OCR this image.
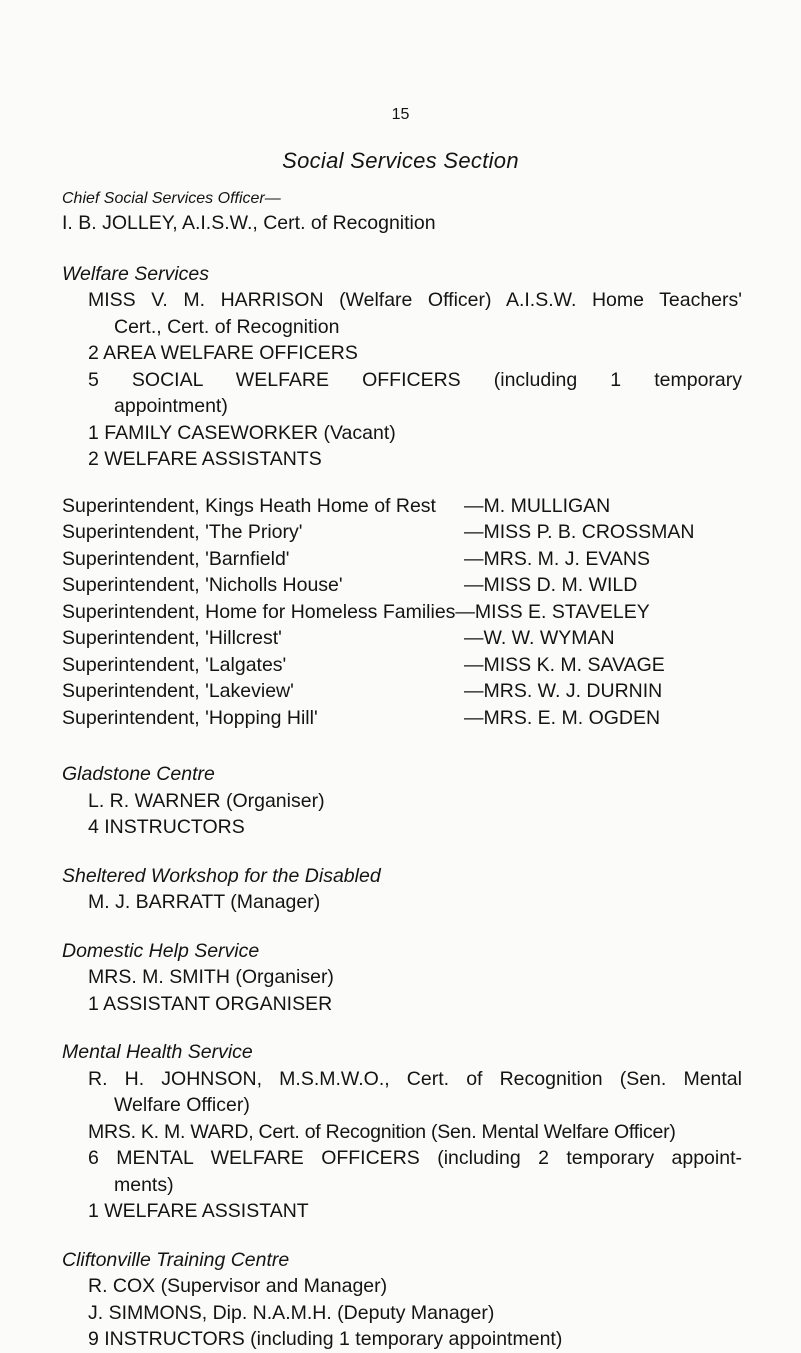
15
Social Services Section
Chief Social Services Officer—
I. B. JOLLEY, A.I.S.W., Cert. of Recognition
Welfare Services
MISS V. M. HARRISON (Welfare Officer) A.I.S.W. Home Teachers'
Cert., Cert. of Recognition
2 AREA WELFARE OFFICERS
5 SOCIAL WELFARE OFFICERS (including 1 temporary
appointment)
1 FAMILY CASEWORKER (Vacant)
2 WELFARE ASSISTANTS
Superintendent, Kings Heath Home of Rest	—M. MULLIGAN
Superintendent, 'The Priory'	—MISS P. B. CROSSMAN
Superintendent, 'Barnfield'	—MRS. M. J. EVANS
Superintendent, 'Nicholls House'	—MISS D. M. WILD
Superintendent, Home for Homeless Families —MISS E. STAVELEY
Superintendent, 'Hillcrest'	—W. W. WYMAN
Superintendent, 'Lalgates'	—MISS K. M. SAVAGE
Superintendent, 'Lakeview'	—MRS. W. J. DURNIN
Superintendent, 'Hopping Hill'	—MRS. E. M. OGDEN
Gladstone Centre
L. R. WARNER (Organiser)
4 INSTRUCTORS
Sheltered Workshop for the Disabled
M. J. BARRATT (Manager)
Domestic Help Service
MRS. M. SMITH (Organiser)
1 ASSISTANT ORGANISER
Mental Health Service
R. H. JOHNSON, M.S.M.W.O., Cert. of Recognition (Sen. Mental
Welfare Officer)
MRS. K. M. WARD, Cert. of Recognition (Sen. Mental Welfare Officer)
6 MENTAL WELFARE OFFICERS (including 2 temporary appoint-
ments)
1 WELFARE ASSISTANT
Cliftonville Training Centre
R. COX (Supervisor and Manager)
J. SIMMONS, Dip. N.A.M.H. (Deputy Manager)
9 INSTRUCTORS (including 1 temporary appointment)
